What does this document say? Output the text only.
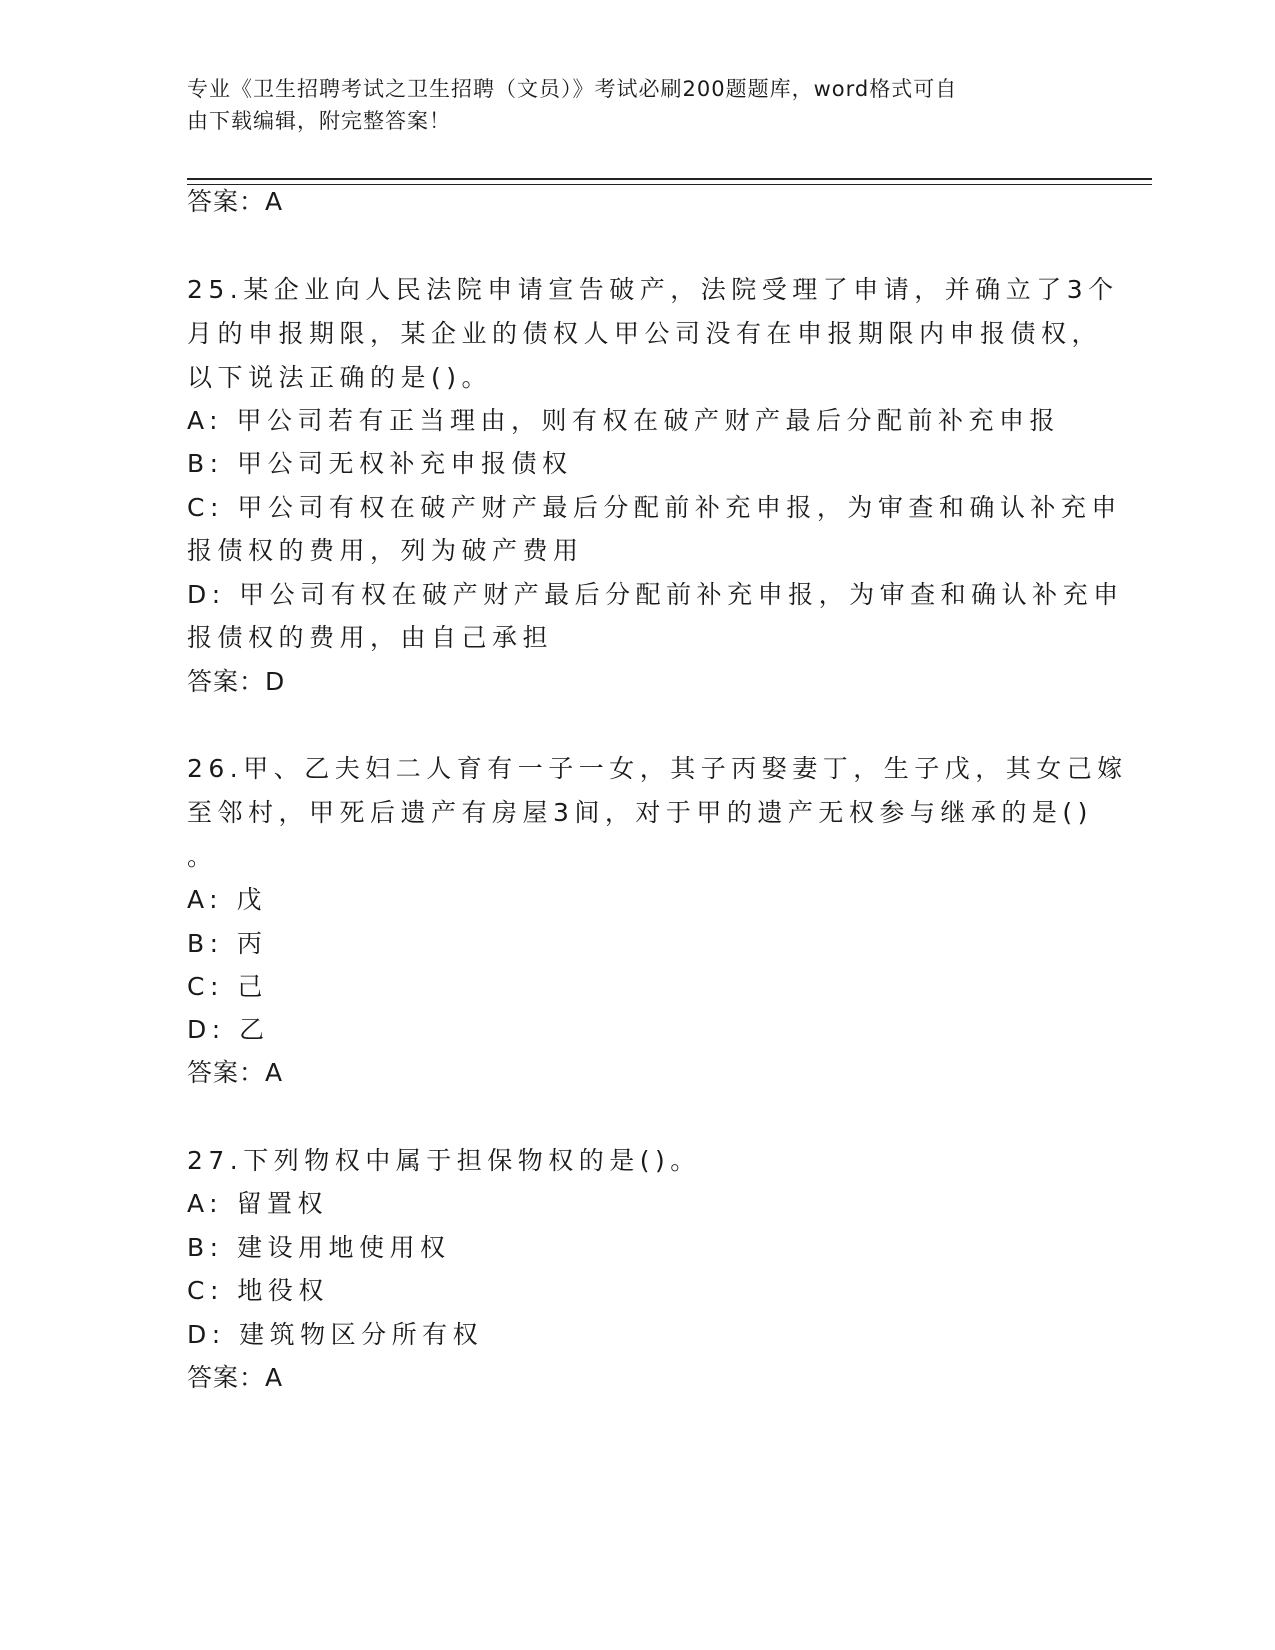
专业《卫生招聘考试之卫生招聘（文员）》考试必刷200题题库，word格式可自
由下载编辑，附完整答案！
答案：A
25.某企业向人民法院申请宣告破产，法院受理了申请，并确立了3个
月的申报期限，某企业的债权人甲公司没有在申报期限内申报债权，
以下说法正确的是()。
A: 甲公司若有正当理由，则有权在破产财产最后分配前补充申报
B: 甲公司无权补充申报债权
C: 甲公司有权在破产财产最后分配前补充申报，为审查和确认补充申
报债权的费用，列为破产费用
D: 甲公司有权在破产财产最后分配前补充申报，为审查和确认补充申
报债权的费用，由自己承担
答案：D
26.甲、乙夫妇二人育有一子一女，其子丙娶妻丁，生子戊，其女己嫁
至邻村，甲死后遗产有房屋3间，对于甲的遗产无权参与继承的是()
。
A: 戊
B: 丙
C: 己
D: 乙
答案：A
27.下列物权中属于担保物权的是()。
A: 留置权
B: 建设用地使用权
C: 地役权
D: 建筑物区分所有权
答案：A
